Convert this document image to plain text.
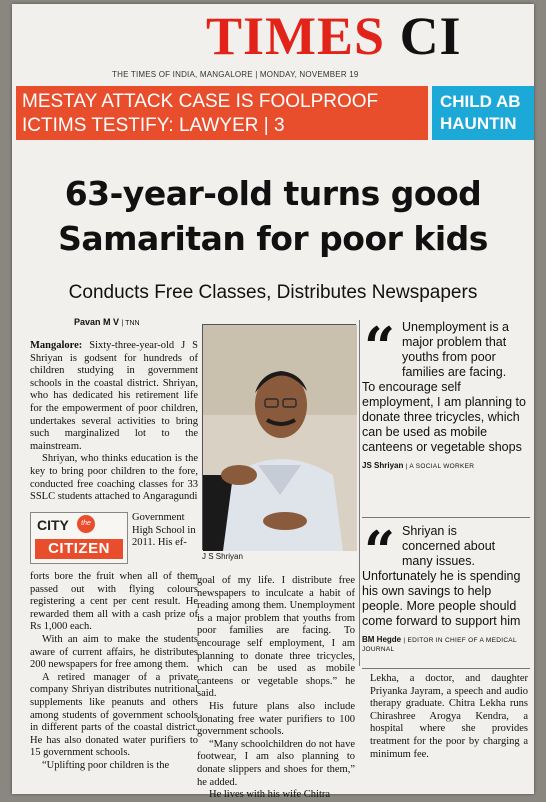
TIMES CI
THE TIMES OF INDIA, MANGALORE | MONDAY, NOVEMBER 19
MESTAY ATTACK CASE IS FOOLPROOF
ICTIMS TESTIFY: LAWYER | 3
CHILD AB
HAUNTIN
63-year-old turns good
Samaritan for poor kids
Conducts Free Classes, Distributes Newspapers
Pavan M V | TNN

Mangalore: Sixty-three-year-old J S Shriyan is godsent for hundreds of children studying in government schools in the coastal district. Shriyan, who has dedicated his retirement life for the empowerment of poor children, undertakes several activities to bring such marginalized lot to the mainstream.

Shriyan, who thinks education is the key to bring poor children to the fore, conducted free coaching classes for 33 SSLC students attached to Angaragundi

CITY	the
CITIZEN
Government High School in 2011. His ef-

forts bore the fruit when all of them passed out with flying colours registering a cent per cent result. He rewarded them all with a cash prize of Rs 1,000 each.

With an aim to make the students aware of current affairs, he distributes 200 newspapers for free among them.

A retired manager of a private company Shriyan distributes nutritional supplements like peanuts and others among students of government schools in different parts of the coastal district. He has also donated water purifiers to 15 government schools.

“Uplifting poor children is the

J S Shriyan

goal of my life. I distribute free newspapers to inculcate a habit of reading among them. Unemployment is a major problem that youths from poor families are facing. To encourage self employment, I am planning to donate three tricycles, which can be used as mobile canteens or vegetable shops.” he said.

His future plans also include donating free water purifiers to 100 government schools.

“Many schoolchildren do not have footwear, I am also planning to donate slippers and shoes for them,” he added.

He lives with his wife Chitra

“ Unemployment is a
major problem that
youths from poor
families are facing.
To encourage self employment, I am planning to donate three tricycles, which can be used as mobile canteens or vegetable shops
JS Shriyan | A SOCIAL WORKER
“ Shriyan is
concerned about
many issues.
Unfortunately he is spending his own savings to help people. More people should come forward to support him
BM Hegde | EDITOR IN CHIEF OF A MEDICAL JOURNAL

Lekha, a doctor, and daughter Priyanka Jayram, a speech and audio therapy graduate. Chitra Lekha runs Chirashree Arogya Kendra, a hospital where she provides treatment for the poor by charging a minimum fee.
